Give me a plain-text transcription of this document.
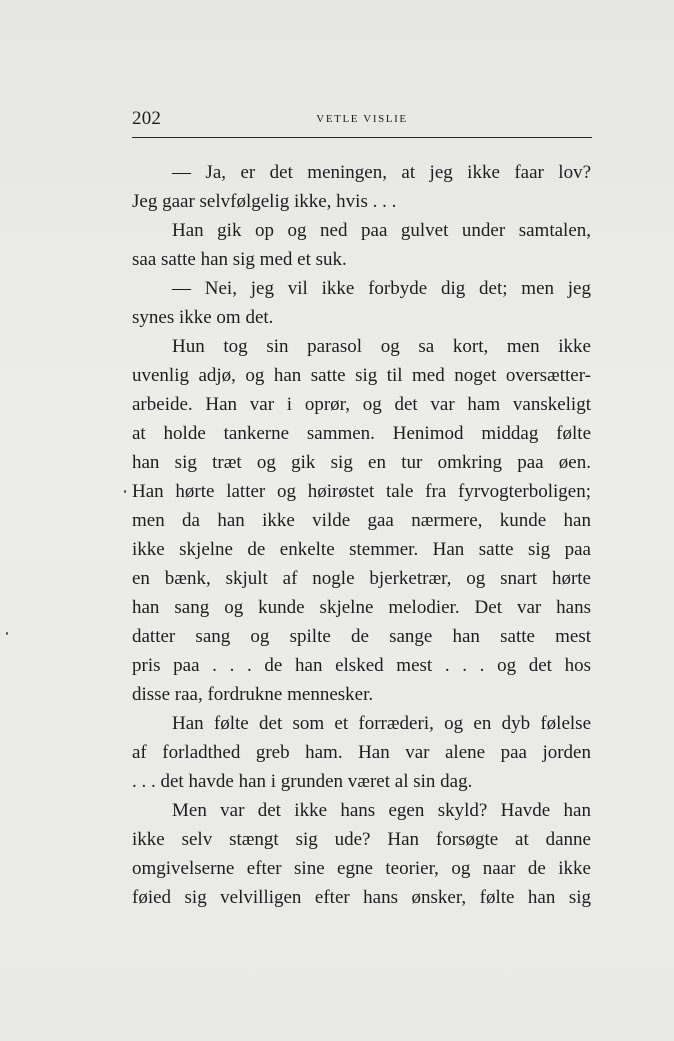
202	VETLE VISLIE
— Ja, er det meningen, at jeg ikke faar lov?
Jeg gaar selvfølgelig ikke, hvis . . .
Han gik op og ned paa gulvet under samtalen,
saa satte han sig med et suk.
— Nei, jeg vil ikke forbyde dig det; men jeg
synes ikke om det.
Hun tog sin parasol og sa kort, men ikke
uvenlig adjø, og han satte sig til med noget oversætter-
arbeide. Han var i oprør, og det var ham vanskeligt
at holde tankerne sammen. Henimod middag følte
han sig træt og gik sig en tur omkring paa øen.
Han hørte latter og høirøstet tale fra fyrvogterboligen;
men da han ikke vilde gaa nærmere, kunde han
ikke skjelne de enkelte stemmer. Han satte sig paa
en bænk, skjult af nogle bjerketrær, og snart hørte
han sang og kunde skjelne melodier. Det var hans
datter sang og spilte de sange han satte mest
pris paa . . . de han elsked mest . . . og det hos
disse raa, fordrukne mennesker.
Han følte det som et forræderi, og en dyb følelse
af forladthed greb ham. Han var alene paa jorden
. . . det havde han i grunden været al sin dag.
Men var det ikke hans egen skyld? Havde han
ikke selv stængt sig ude? Han forsøgte at danne
omgivelserne efter sine egne teorier, og naar de ikke
føied sig velvilligen efter hans ønsker, følte han sig
